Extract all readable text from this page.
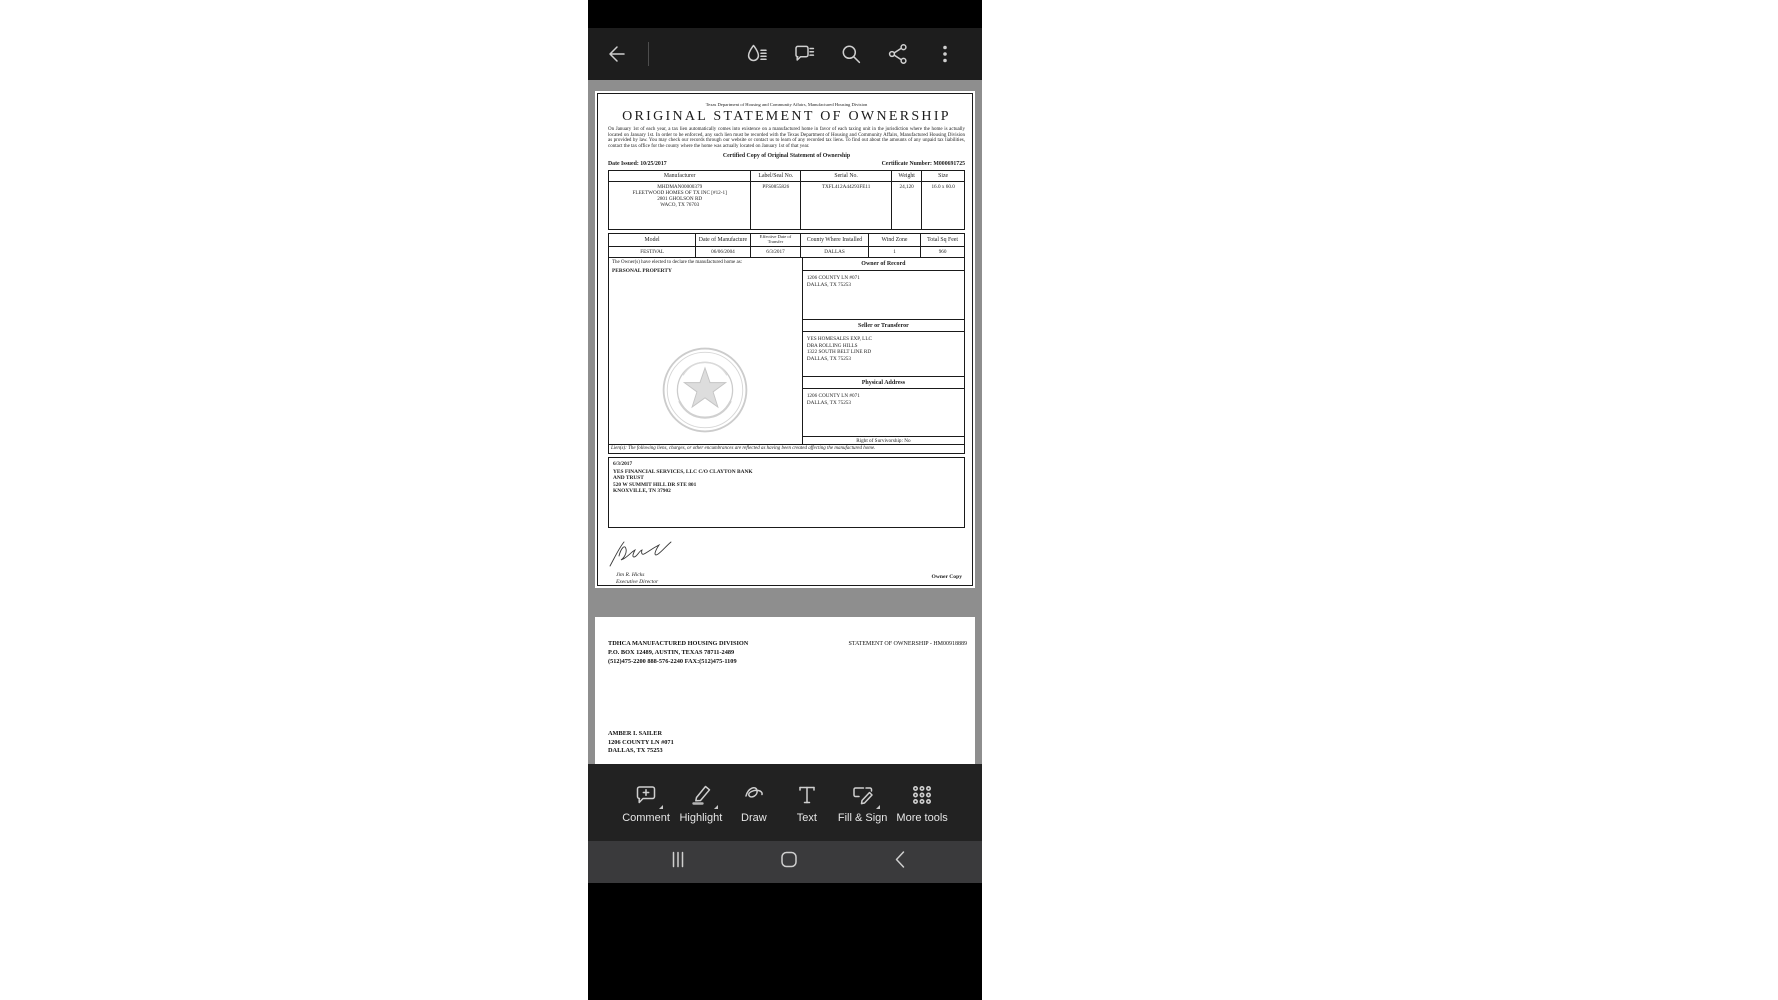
Texas Department of Housing and Community Affairs, Manufactured Housing Division
ORIGINAL STATEMENT OF OWNERSHIP
On January 1st of each year, a tax lien automatically comes into existence on a manufactured home in favor of each taxing unit in the jurisdiction where the home is actually located on January 1st. In order to be enforced, any such lien must be recorded with the Texas Department of Housing and Community Affairs, Manufactured Housing Division as provided by law. You may check our records through our website or contact us to learn of any recorded tax liens. To find out about the amounts of any unpaid tax liabilities, contact the tax office for the county where the home was actually located on January 1st of that year.
Certified Copy of Original Statement of Ownership
Date Issued: 10/25/2017	Certificate Number: M000691725
Manufacturer	Label/Seal No.	Serial No.	Weight	Size

MHDMAN00000379
FLEETWOOD HOMES OF TX INC [#12-1]
2801 GHOLSON RD
WACO, TX 76703	PFS0855826	TXFL412A44293FE11	24,120	16.0 x 60.0
Model	Date of Manufacture	Effective Date of Transfer	County Where Installed	Wind Zone	Total Sq Feet
FESTIVAL	06/06/2004	6/3/2017	DALLAS	1	960
The Owner(s) have elected to declare the manufactured home as:
PERSONAL PROPERTY
Owner of Record
1206 COUNTY LN #071
DALLAS, TX 75253
Seller or Transferor
YES HOMESALES EXP, LLC
DBA ROLLING HILLS
1322 SOUTH BELT LINE RD
DALLAS, TX 75253
Physical Address
1206 COUNTY LN #071
DALLAS, TX 75253
Right of Survivorship: No
Lien(s): The following liens, charges, or other encumbrances are reflected as having been created affecting the manufactured home.
6/3/2017
YES FINANCIAL SERVICES, LLC C/O CLAYTON BANK
AND TRUST
520 W SUMMIT HILL DR STE 801
KNOXVILLE, TN 37902
Jim R. Hicks
Executive Director
Owner Copy
TDHCA MANUFACTURED HOUSING DIVISION
P.O. BOX 12489, AUSTIN, TEXAS 78711-2489
(512)475-2200 888-576-2240 FAX:(512)475-1109
STATEMENT OF OWNERSHIP - HM00918889
AMBER I. SAILER
1206 COUNTY LN #071
DALLAS, TX 75253
Comment Highlight Draw	Text Fill & Sign More tools
